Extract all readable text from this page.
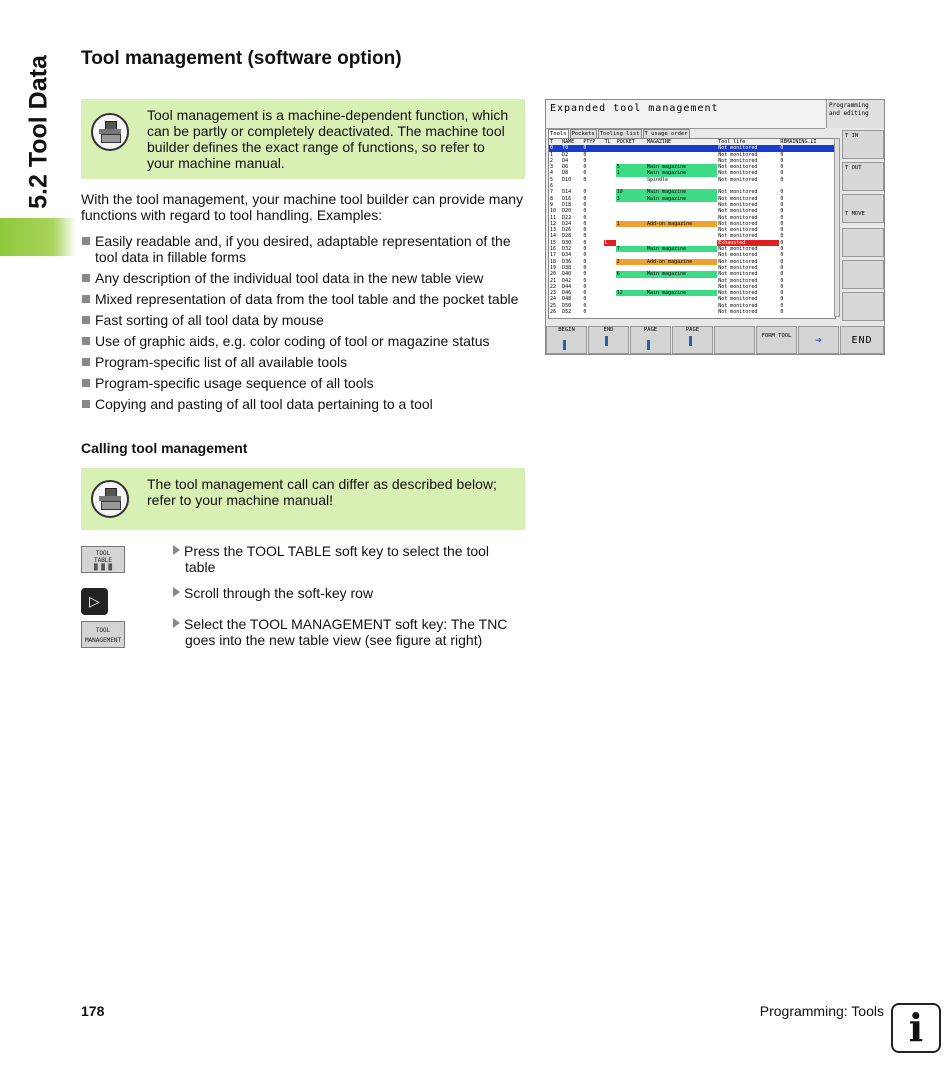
5.2 Tool Data Tool management (software option)
Tool management is a machine-dependent function, which can be partly or completely deactivated. The machine tool builder defines the exact range of functions, so refer to your machine manual.
With the tool management, your machine tool builder can provide many functions with regard to tool handling. Examples:
Easily readable and, if you desired, adaptable representation of the tool data in fillable forms
Any description of the individual tool data in the new table view
Mixed representation of data from the tool table and the pocket table
Fast sorting of all tool data by mouse
Use of graphic aids, e.g. color coding of tool or magazine status
Program-specific list of all available tools
Program-specific usage sequence of all tools
Copying and pasting of all tool data pertaining to a tool
Calling tool management
The tool management call can differ as described below; refer to your machine manual!
TOOL
TABLE
█ █ █
Press the TOOL TABLE soft key to select the tool
table
▷	Scroll through the soft-key row
TOOL
MANAGEMENT
Select the TOOL MANAGEMENT soft key: The TNC
goes into the new table view (see figure at right)
Expanded tool management	Programming
and editing
Tools Pockets Tooling list T usage order
T	NAME	PTYP	TL	POCKET	MAGAZINE	Tool life	REMAINING.LI
0	T0	0				Not monitored	0
1	D2	0				Not monitored	0
2	D4	0				Not monitored	0
3	D6	0		5	Main magazine	Not monitored	0
4	D8	0		1	Main magazine	Not monitored	0
5	D10	0			Spindle	Not monitored	0
6							
7	D14	0		10	Main magazine	Not monitored	0
8	D16	0		3	Main magazine	Not monitored	0
9	D18	0				Not monitored	0
10	D20	0				Not monitored	0
11	D22	0				Not monitored	0
12	D24	0		1	Add-on magazine	Not monitored	0
13	D26	0				Not monitored	0
14	D28	0				Not monitored	0
15	D30	0	L			Exhausted	0
16	D32	0		7	Main magazine	Not monitored	0
17	D34	0				Not monitored	0
18	D36	0		2	Add-on magazine	Not monitored	0
19	D38	0				Not monitored	0
20	D40	0		6	Main magazine	Not monitored	0
21	D42	0				Not monitored	0
22	D44	0				Not monitored	0
23	D46	0		12	Main magazine	Not monitored	0
24	D48	0				Not monitored	0
25	D50	0				Not monitored	0
26	D52	0				Not monitored	0
T IN
T OUT
T MOVE
BEGIN	END	PAGE	PAGE
FORM TOOL	➔	END
178	Programming: Tools i
